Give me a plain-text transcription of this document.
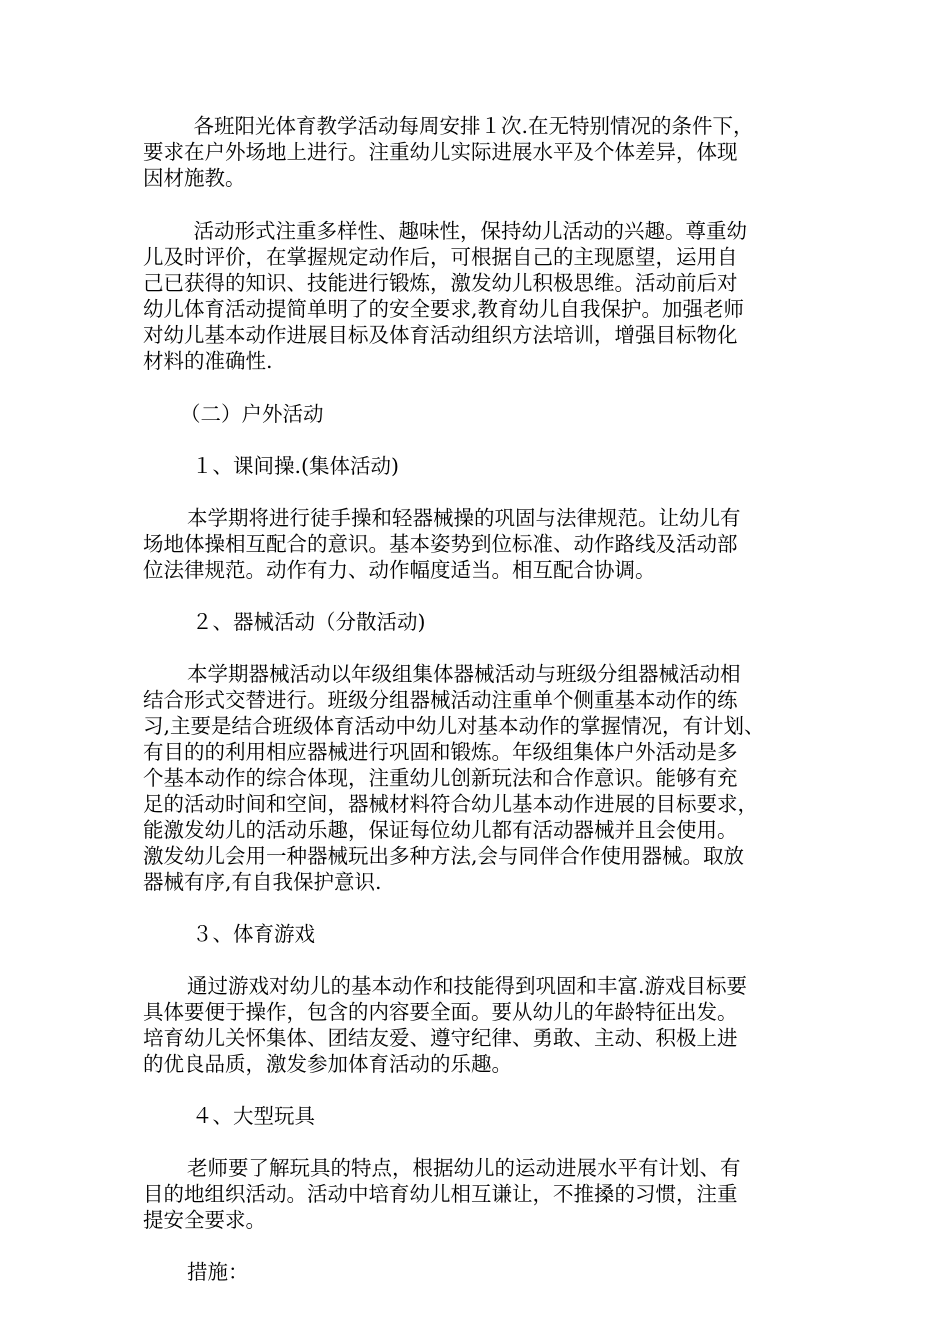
　各班阳光体育教学活动每周安排１次.在无特别情况的条件下，
要求在户外场地上进行。注重幼儿实际进展水平及个体差异，体现
因材施教。

　活动形式注重多样性、趣味性，保持幼儿活动的兴趣。尊重幼
儿及时评价，在掌握规定动作后，可根据自己的主现愿望，运用自
己已获得的知识、技能进行锻炼，激发幼儿积极思维。活动前后对
幼儿体育活动提简单明了的安全要求,教育幼儿自我保护。加强老师
对幼儿基本动作进展目标及体育活动组织方法培训，增强目标物化
材料的准确性.

（二）户外活动

１、课间操.(集体活动)

本学期将进行徒手操和轻器械操的巩固与法律规范。让幼儿有
场地体操相互配合的意识。基本姿势到位标准、动作路线及活动部
位法律规范。动作有力、动作幅度适当。相互配合协调。

２、器械活动（分散活动)

本学期器械活动以年级组集体器械活动与班级分组器械活动相
结合形式交替进行。班级分组器械活动注重单个侧重基本动作的练
习,主要是结合班级体育活动中幼儿对基本动作的掌握情况，有计划、
有目的的利用相应器械进行巩固和锻炼。年级组集体户外活动是多
个基本动作的综合体现，注重幼儿创新玩法和合作意识。能够有充
足的活动时间和空间，器械材料符合幼儿基本动作进展的目标要求，
能激发幼儿的活动乐趣，保证每位幼儿都有活动器械并且会使用。
激发幼儿会用一种器械玩出多种方法,会与同伴合作使用器械。取放
器械有序,有自我保护意识.

３、体育游戏

通过游戏对幼儿的基本动作和技能得到巩固和丰富.游戏目标要
具体要便于操作，包含的内容要全面。要从幼儿的年龄特征出发。
培育幼儿关怀集体、团结友爱、遵守纪律、勇敢、主动、积极上进
的优良品质，激发参加体育活动的乐趣。

４、大型玩具

老师要了解玩具的特点，根据幼儿的运动进展水平有计划、有
目的地组织活动。活动中培育幼儿相互谦让，不推搡的习惯，注重
提安全要求。

措施：
